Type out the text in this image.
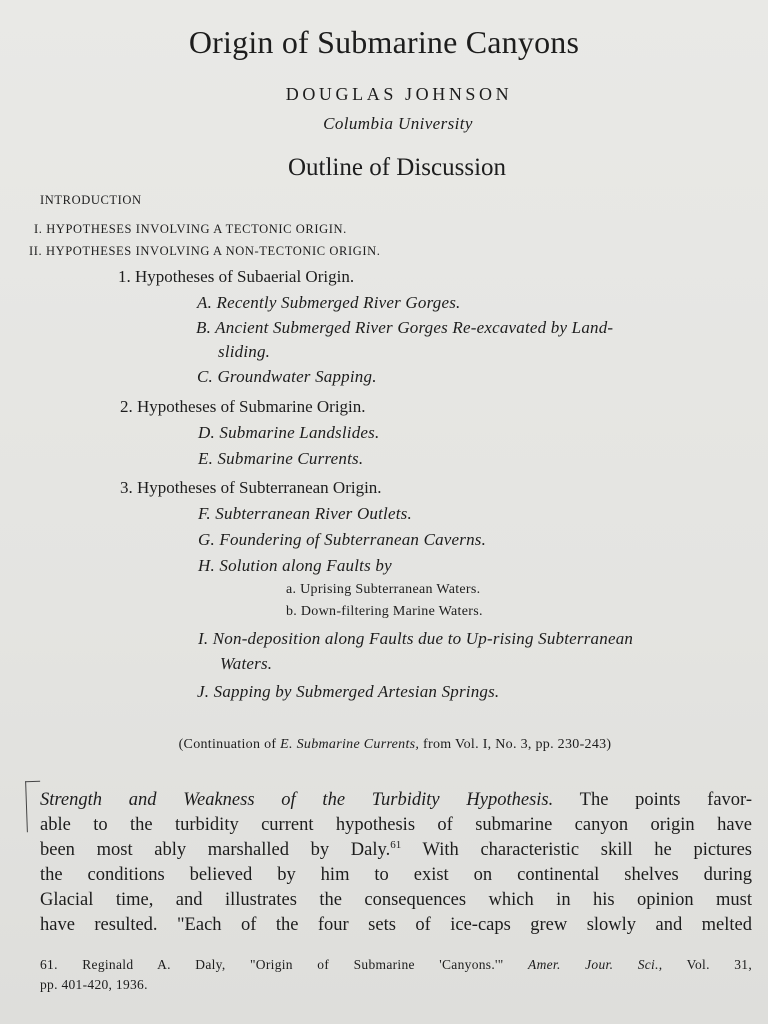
Origin of Submarine Canyons
DOUGLAS JOHNSON
Columbia University
Outline of Discussion
INTRODUCTION
I. HYPOTHESES INVOLVING A TECTONIC ORIGIN.
II. HYPOTHESES INVOLVING A NON-TECTONIC ORIGIN.
1. Hypotheses of Subaerial Origin.
A. Recently Submerged River Gorges.
B. Ancient Submerged River Gorges Re-excavated by Land-
sliding.
C. Groundwater Sapping.
2. Hypotheses of Submarine Origin.
D. Submarine Landslides.
E. Submarine Currents.
3. Hypotheses of Subterranean Origin.
F. Subterranean River Outlets.
G. Foundering of Subterranean Caverns.
H. Solution along Faults by
a. Uprising Subterranean Waters.
b. Down-filtering Marine Waters.
I. Non-deposition along Faults due to Up-rising Subterranean
Waters.
J. Sapping by Submerged Artesian Springs.
(Continuation of E. Submarine Currents, from Vol. I, No. 3, pp. 230-243)
Strength and Weakness of the Turbidity Hypothesis. The points favor-
able to the turbidity current hypothesis of submarine canyon origin have
been most ably marshalled by Daly.$^{61}$ With characteristic skill he pictures
the conditions believed by him to exist on continental shelves during
Glacial time, and illustrates the consequences which in his opinion must
have resulted. "Each of the four sets of ice-caps grew slowly and melted
61. Reginald A. Daly, "Origin of Submarine 'Canyons.'" Amer. Jour. Sci., Vol. 31,
pp. 401-420, 1936.
